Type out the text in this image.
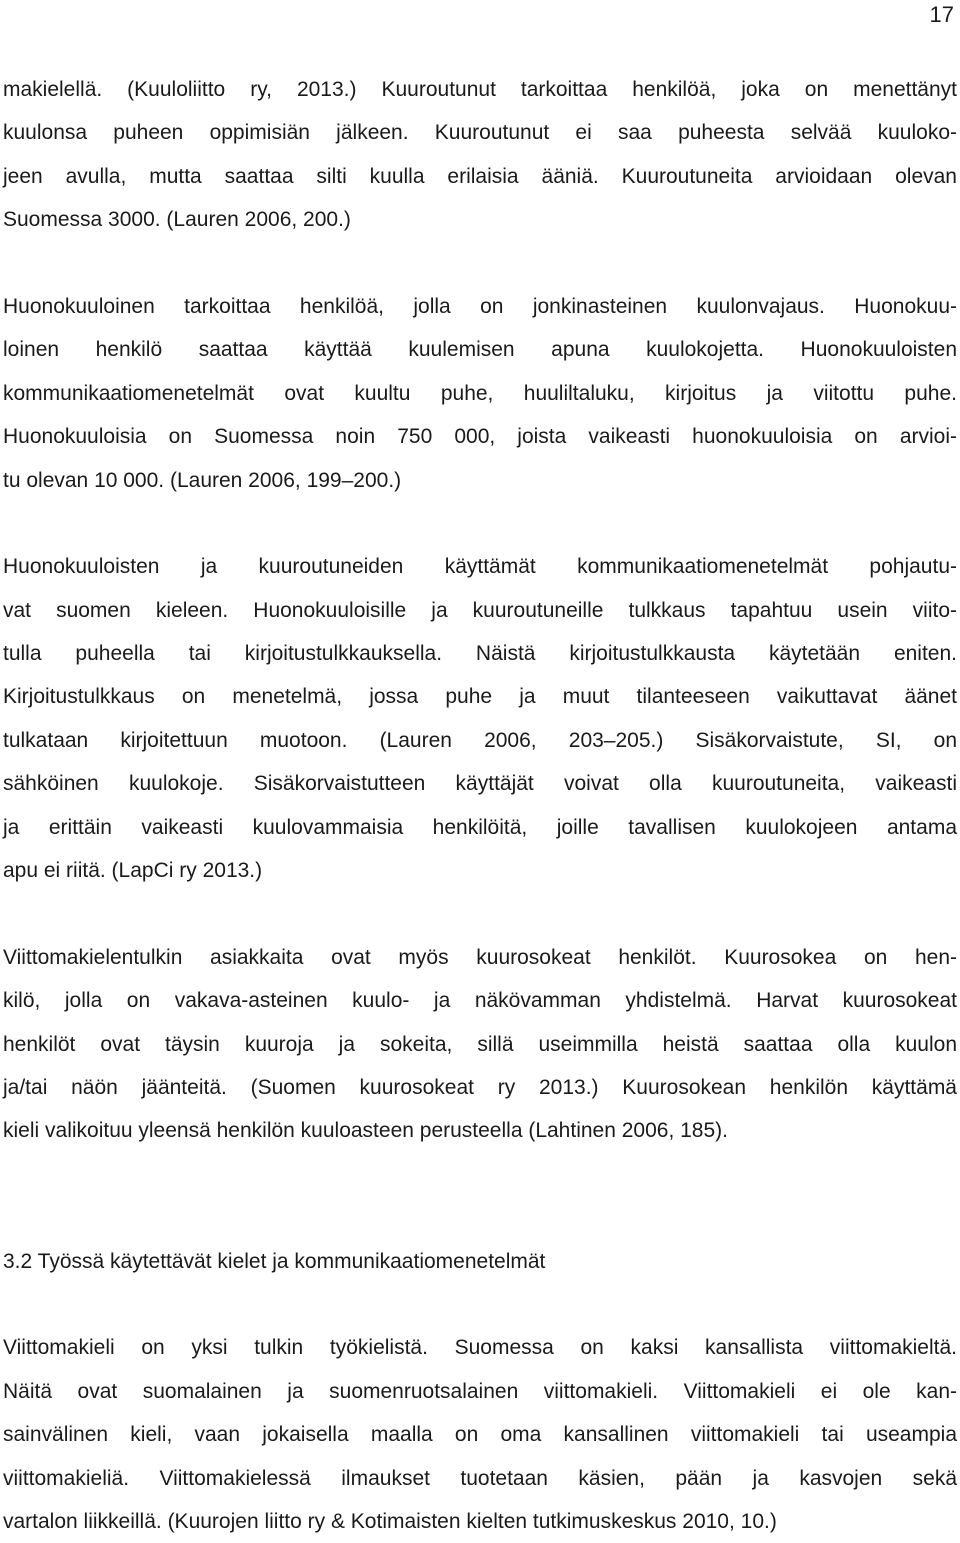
17
makielellä. (Kuuloliitto ry, 2013.) Kuuroutunut tarkoittaa henkilöä, joka on menettänyt
kuulonsa puheen oppimisiän jälkeen. Kuuroutunut ei saa puheesta selvää kuuloko-
jeen avulla, mutta saattaa silti kuulla erilaisia ääniä. Kuuroutuneita arvioidaan olevan
Suomessa 3000. (Lauren 2006, 200.)
Huonokuuloinen tarkoittaa henkilöä, jolla on jonkinasteinen kuulonvajaus. Huonokuu-
loinen henkilö saattaa käyttää kuulemisen apuna kuulokojetta. Huonokuuloisten
kommunikaatiomenetelmät ovat kuultu puhe, huuliltaluku, kirjoitus ja viitottu puhe.
Huonokuuloisia on Suomessa noin 750 000, joista vaikeasti huonokuuloisia on arvioi-
tu olevan 10 000. (Lauren 2006, 199–200.)
Huonokuuloisten ja kuuroutuneiden käyttämät kommunikaatiomenetelmät pohjautu-
vat suomen kieleen. Huonokuuloisille ja kuuroutuneille tulkkaus tapahtuu usein viito-
tulla puheella tai kirjoitustulkkauksella. Näistä kirjoitustulkkausta käytetään eniten.
Kirjoitustulkkaus on menetelmä, jossa puhe ja muut tilanteeseen vaikuttavat äänet
tulkataan kirjoitettuun muotoon. (Lauren 2006, 203–205.) Sisäkorvaistute, SI, on
sähköinen kuulokoje. Sisäkorvaistutteen käyttäjät voivat olla kuuroutuneita, vaikeasti
ja erittäin vaikeasti kuulovammaisia henkilöitä, joille tavallisen kuulokojeen antama
apu ei riitä. (LapCi ry 2013.)
Viittomakielentulkin asiakkaita ovat myös kuurosokeat henkilöt. Kuurosokea on hen-
kilö, jolla on vakava-asteinen kuulo- ja näkövamman yhdistelmä. Harvat kuurosokeat
henkilöt ovat täysin kuuroja ja sokeita, sillä useimmilla heistä saattaa olla kuulon
ja/tai näön jäänteitä. (Suomen kuurosokeat ry 2013.) Kuurosokean henkilön käyttämä
kieli valikoituu yleensä henkilön kuuloasteen perusteella (Lahtinen 2006, 185).
3.2 Työssä käytettävät kielet ja kommunikaatiomenetelmät
Viittomakieli on yksi tulkin työkielistä. Suomessa on kaksi kansallista viittomakieltä.
Näitä ovat suomalainen ja suomenruotsalainen viittomakieli. Viittomakieli ei ole kan-
sainvälinen kieli, vaan jokaisella maalla on oma kansallinen viittomakieli tai useampia
viittomakieliä. Viittomakielessä ilmaukset tuotetaan käsien, pään ja kasvojen sekä
vartalon liikkeillä. (Kuurojen liitto ry & Kotimaisten kielten tutkimuskeskus 2010, 10.)
